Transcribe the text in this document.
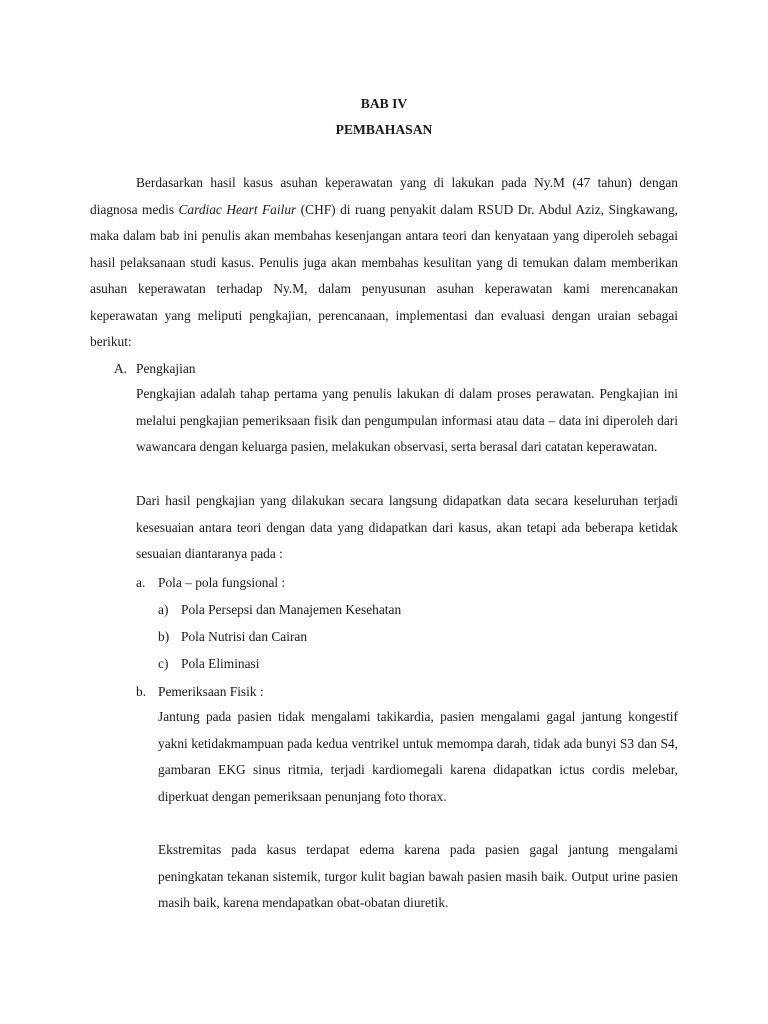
BAB IV
PEMBAHASAN

Berdasarkan hasil kasus asuhan keperawatan yang di lakukan pada Ny.M (47 tahun) dengan diagnosa medis Cardiac Heart Failur (CHF) di ruang penyakit dalam RSUD Dr. Abdul Aziz, Singkawang, maka dalam bab ini penulis akan membahas kesenjangan antara teori dan kenyataan yang diperoleh sebagai hasil pelaksanaan studi kasus. Penulis juga akan membahas kesulitan yang di temukan dalam memberikan asuhan keperawatan terhadap Ny.M, dalam penyusunan asuhan keperawatan kami merencanakan keperawatan yang meliputi pengkajian, perencanaan, implementasi dan evaluasi dengan uraian sebagai berikut:

A. Pengkajian

Pengkajian adalah tahap pertama yang penulis lakukan di dalam proses perawatan. Pengkajian ini melalui pengkajian pemeriksaan fisik dan pengumpulan informasi atau data – data ini diperoleh dari wawancara dengan keluarga pasien, melakukan observasi, serta berasal dari catatan keperawatan.

Dari hasil pengkajian yang dilakukan secara langsung didapatkan data secara keseluruhan terjadi kesesuaian antara teori dengan data yang didapatkan dari kasus, akan tetapi ada beberapa ketidak sesuaian diantaranya pada :

a. Pola – pola fungsional :
a) Pola Persepsi dan Manajemen Kesehatan
b) Pola Nutrisi dan Cairan
c) Pola Eliminasi
b. Pemeriksaan Fisik :

Jantung pada pasien tidak mengalami takikardia, pasien mengalami gagal jantung kongestif yakni ketidakmampuan pada kedua ventrikel untuk memompa darah, tidak ada bunyi S3 dan S4, gambaran EKG sinus ritmia, terjadi kardiomegali karena didapatkan ictus cordis melebar, diperkuat dengan pemeriksaan penunjang foto thorax.

Ekstremitas pada kasus terdapat edema karena pada pasien gagal jantung mengalami peningkatan tekanan sistemik, turgor kulit bagian bawah pasien masih baik. Output urine pasien masih baik, karena mendapatkan obat-obatan diuretik.
